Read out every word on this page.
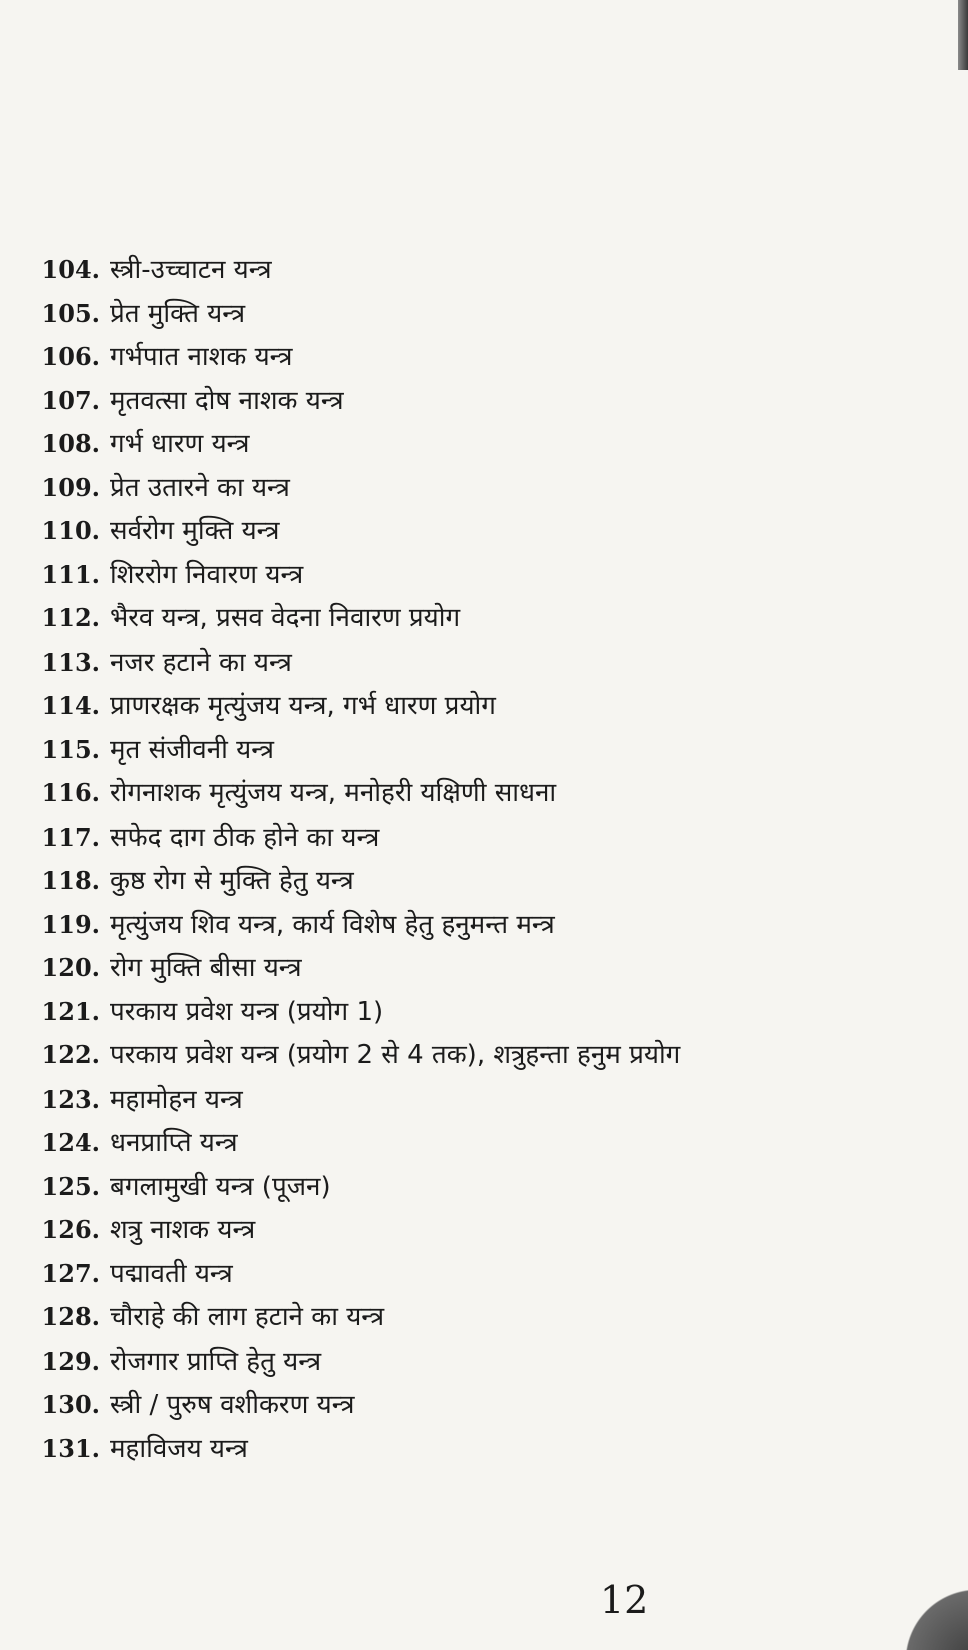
104. स्त्री-उच्चाटन यन्त्र
105. प्रेत मुक्ति यन्त्र
106. गर्भपात नाशक यन्त्र
107. मृतवत्सा दोष नाशक यन्त्र
108. गर्भ धारण यन्त्र
109. प्रेत उतारने का यन्त्र
110. सर्वरोग मुक्ति यन्त्र
111. शिररोग निवारण यन्त्र
112. भैरव यन्त्र, प्रसव वेदना निवारण प्रयोग
113. नजर हटाने का यन्त्र
114. प्राणरक्षक मृत्युंजय यन्त्र, गर्भ धारण प्रयोग
115. मृत संजीवनी यन्त्र
116. रोगनाशक मृत्युंजय यन्त्र, मनोहरी यक्षिणी साधना
117. सफेद दाग ठीक होने का यन्त्र
118. कुष्ठ रोग से मुक्ति हेतु यन्त्र
119. मृत्युंजय शिव यन्त्र, कार्य विशेष हेतु हनुमन्त मन्त्र
120. रोग मुक्ति बीसा यन्त्र
121. परकाय प्रवेश यन्त्र (प्रयोग 1)
122. परकाय प्रवेश यन्त्र (प्रयोग 2 से 4 तक), शत्रुहन्ता हनुम प्रयोग
123. महामोहन यन्त्र
124. धनप्राप्ति यन्त्र
125. बगलामुखी यन्त्र (पूजन)
126. शत्रु नाशक यन्त्र
127. पद्मावती यन्त्र
128. चौराहे की लाग हटाने का यन्त्र
129. रोजगार प्राप्ति हेतु यन्त्र
130. स्त्री / पुरुष वशीकरण यन्त्र
131. महाविजय यन्त्र
12
